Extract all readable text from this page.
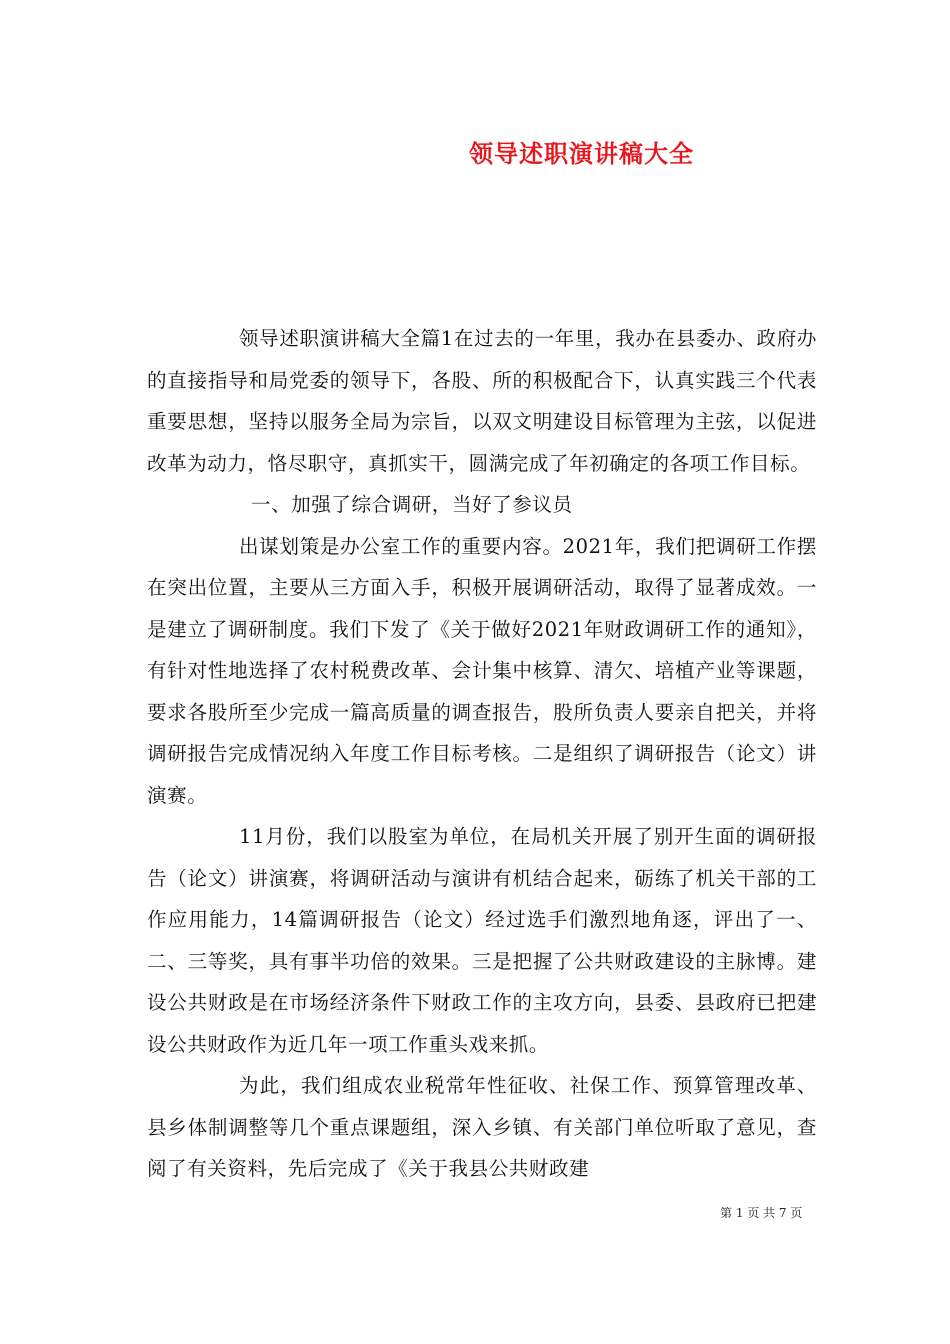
领导述职演讲稿大全

领导述职演讲稿大全篇1在过去的一年里，我办在县委办、政府办的直接指导和局党委的领导下，各股、所的积极配合下，认真实践三个代表重要思想，坚持以服务全局为宗旨，以双文明建设目标管理为主弦，以促进改革为动力，恪尽职守，真抓实干，圆满完成了年初确定的各项工作目标。

一、加强了综合调研，当好了参议员

出谋划策是办公室工作的重要内容。2021年，我们把调研工作摆在突出位置，主要从三方面入手，积极开展调研活动，取得了显著成效。一是建立了调研制度。我们下发了《关于做好2021年财政调研工作的通知》，有针对性地选择了农村税费改革、会计集中核算、清欠、培植产业等课题，要求各股所至少完成一篇高质量的调查报告，股所负责人要亲自把关，并将调研报告完成情况纳入年度工作目标考核。二是组织了调研报告（论文）讲演赛。

11月份，我们以股室为单位，在局机关开展了别开生面的调研报告（论文）讲演赛，将调研活动与演讲有机结合起来，砺练了机关干部的工作应用能力，14篇调研报告（论文）经过选手们激烈地角逐，评出了一、二、三等奖，具有事半功倍的效果。三是把握了公共财政建设的主脉博。建设公共财政是在市场经济条件下财政工作的主攻方向，县委、县政府已把建设公共财政作为近几年一项工作重头戏来抓。

为此，我们组成农业税常年性征收、社保工作、预算管理改革、县乡体制调整等几个重点课题组，深入乡镇、有关部门单位听取了意见，查阅了有关资料，先后完成了《关于我县公共财政建

第 1 页 共 7 页
